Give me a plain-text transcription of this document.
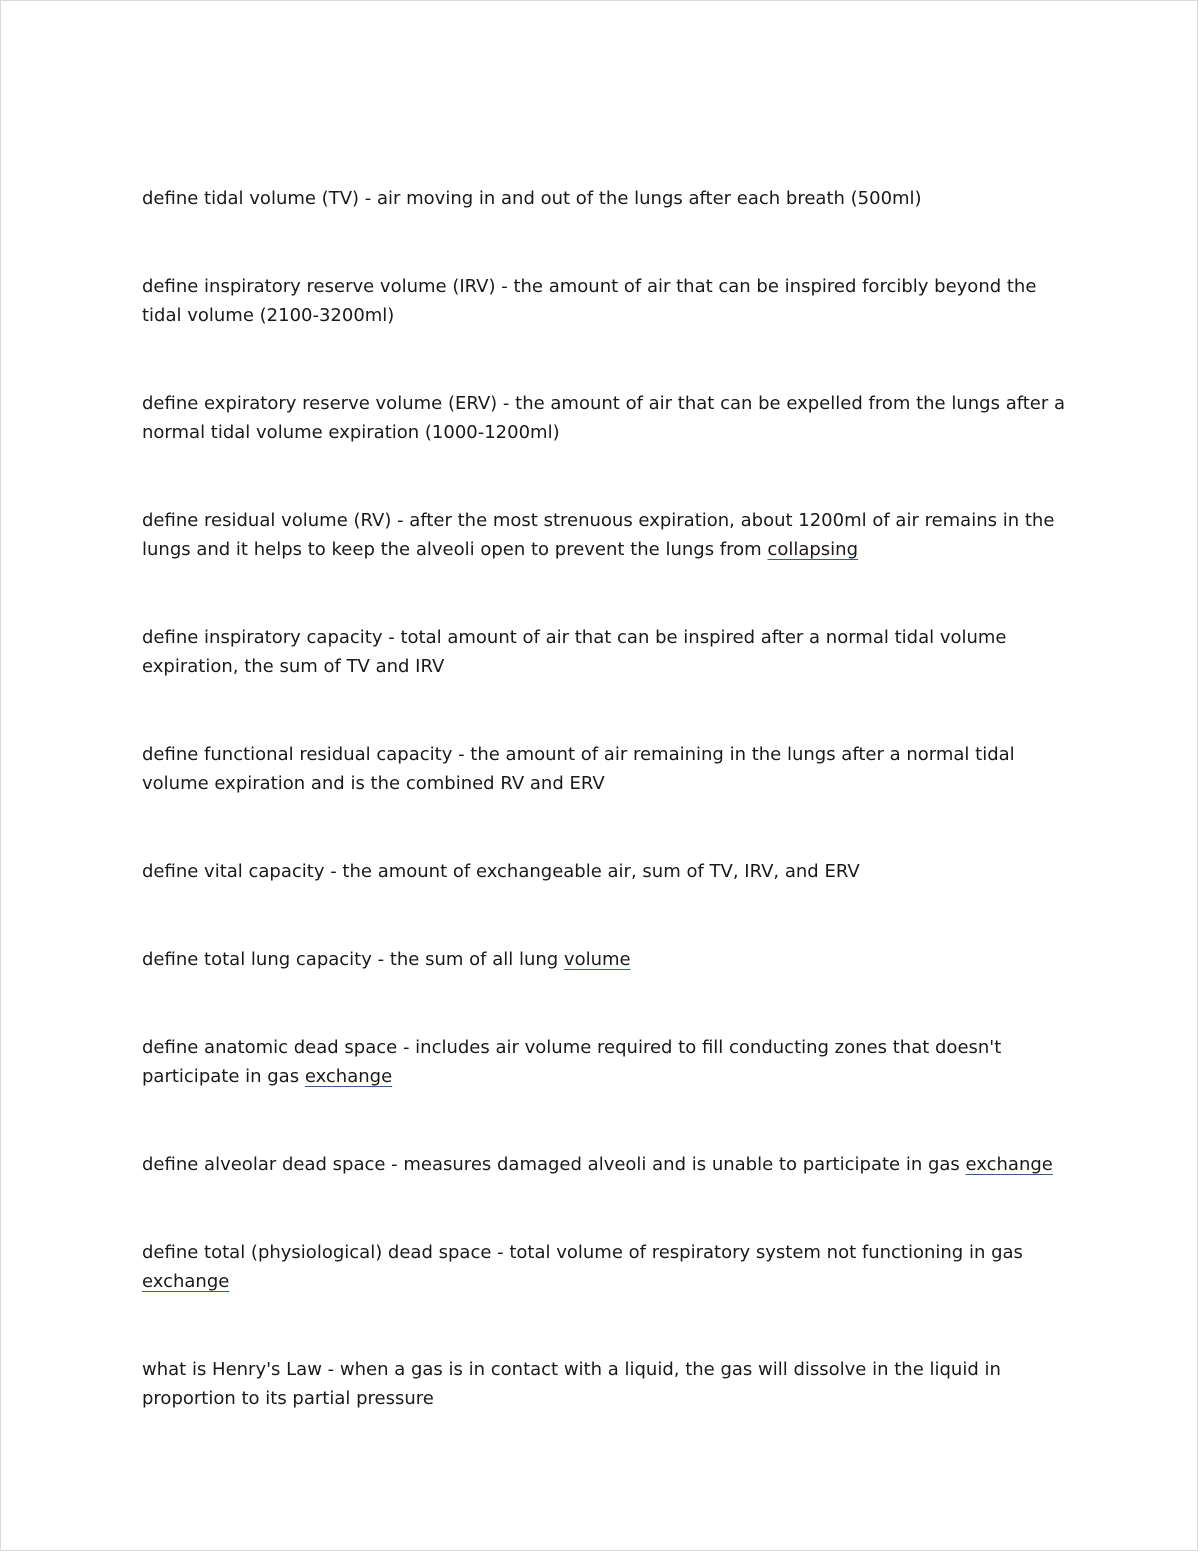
define tidal volume (TV) - air moving in and out of the lungs after each breath (500ml)

define inspiratory reserve volume (IRV) - the amount of air that can be inspired forcibly beyond the tidal volume (2100-3200ml)

define expiratory reserve volume (ERV) - the amount of air that can be expelled from the lungs after a normal tidal volume expiration (1000-1200ml)

define residual volume (RV) - after the most strenuous expiration, about 1200ml of air remains in the lungs and it helps to keep the alveoli open to prevent the lungs from collapsing

define inspiratory capacity - total amount of air that can be inspired after a normal tidal volume expiration, the sum of TV and IRV

define functional residual capacity - the amount of air remaining in the lungs after a normal tidal volume expiration and is the combined RV and ERV

define vital capacity - the amount of exchangeable air, sum of TV, IRV, and ERV

define total lung capacity - the sum of all lung volume

define anatomic dead space - includes air volume required to fill conducting zones that doesn't participate in gas exchange

define alveolar dead space - measures damaged alveoli and is unable to participate in gas exchange

define total (physiological) dead space - total volume of respiratory system not functioning in gas exchange

what is Henry's Law - when a gas is in contact with a liquid, the gas will dissolve in the liquid in proportion to its partial pressure
